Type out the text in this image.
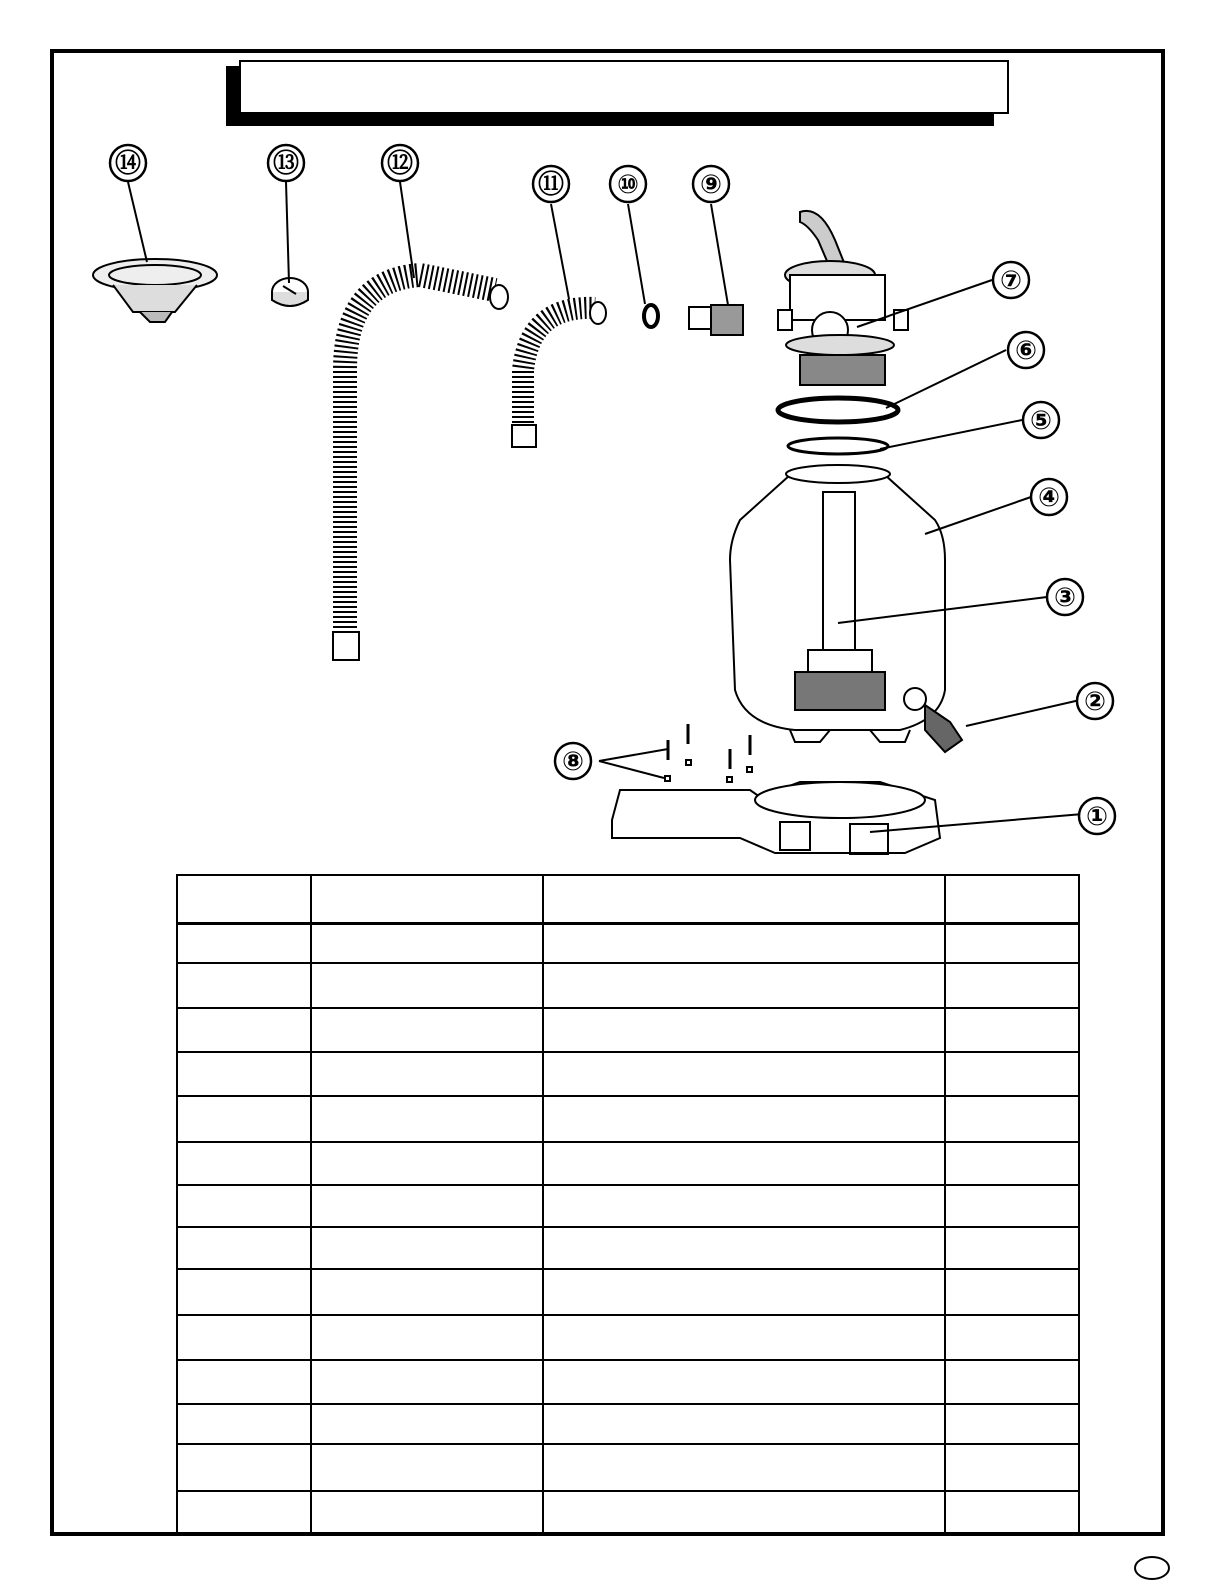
①
②
③
④
⑤
⑥
⑦
⑧
⑨
⑩
⑪
⑫
⑬
⑭
